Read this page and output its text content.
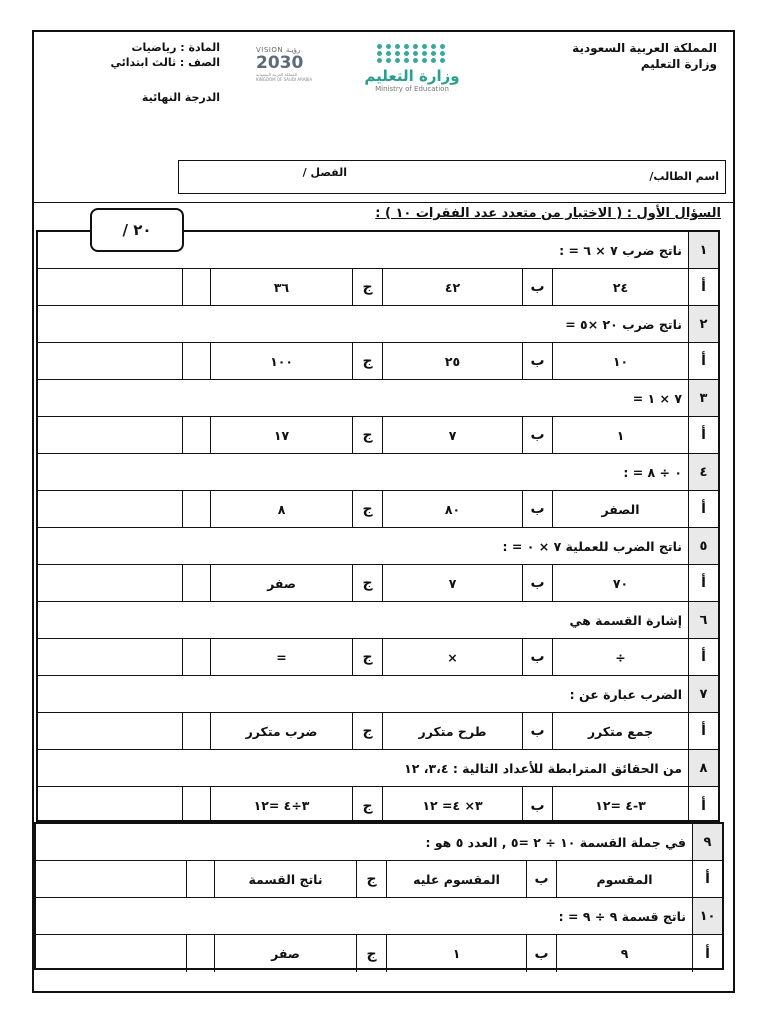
المملكة العربية السعودية
وزارة التعليم
وزارة التعليم
Ministry of Education
VISION رؤيـة
2030
المملكة العربية السعودية KINGDOM OF SAUDI ARABIA
المادة : رياضيات
الصف : ثالث ابتدائي
الدرجة النهائية
اسم الطالب/
الفصل /
السؤال الأول : ( الاختيار من متعدد عدد الفقرات ١٠ ) :
٢٠ /
١
ناتج ضرب ٧ × ٦ = :
أ
٢٤
ب
٤٢
ج
٣٦
٢
ناتج ضرب ٢٠ ×٥ =
أ
١٠
ب
٢٥
ج
١٠٠
٣
٧ × ١ =
أ
١
ب
٧
ج
١٧
٤
٠ ÷ ٨ = :
أ
الصفر
ب
٨٠
ج
٨
٥
ناتج الضرب للعملية ٧ × ٠ = :
أ
٧٠
ب
٧
ج
صفر
٦
إشارة القسمة هي
أ
÷
ب
×
ج
=
٧
الضرب عبارة عن :
أ
جمع متكرر
ب
طرح متكرر
ج
ضرب متكرر
٨
من الحقائق المترابطة للأعداد التالية : ٣،٤، ١٢
أ
٣-٤ =١٢
ب
٣× ٤= ١٢
ج
٣÷٤ =١٢
٩
في جملة القسمة ١٠ ÷ ٢ =٥ , العدد ٥ هو :
أ
المقسوم
ب
المقسوم عليه
ج
ناتج القسمة
١٠
ناتج قسمة ٩ ÷ ٩ = :
أ
٩
ب
١
ج
صفر
